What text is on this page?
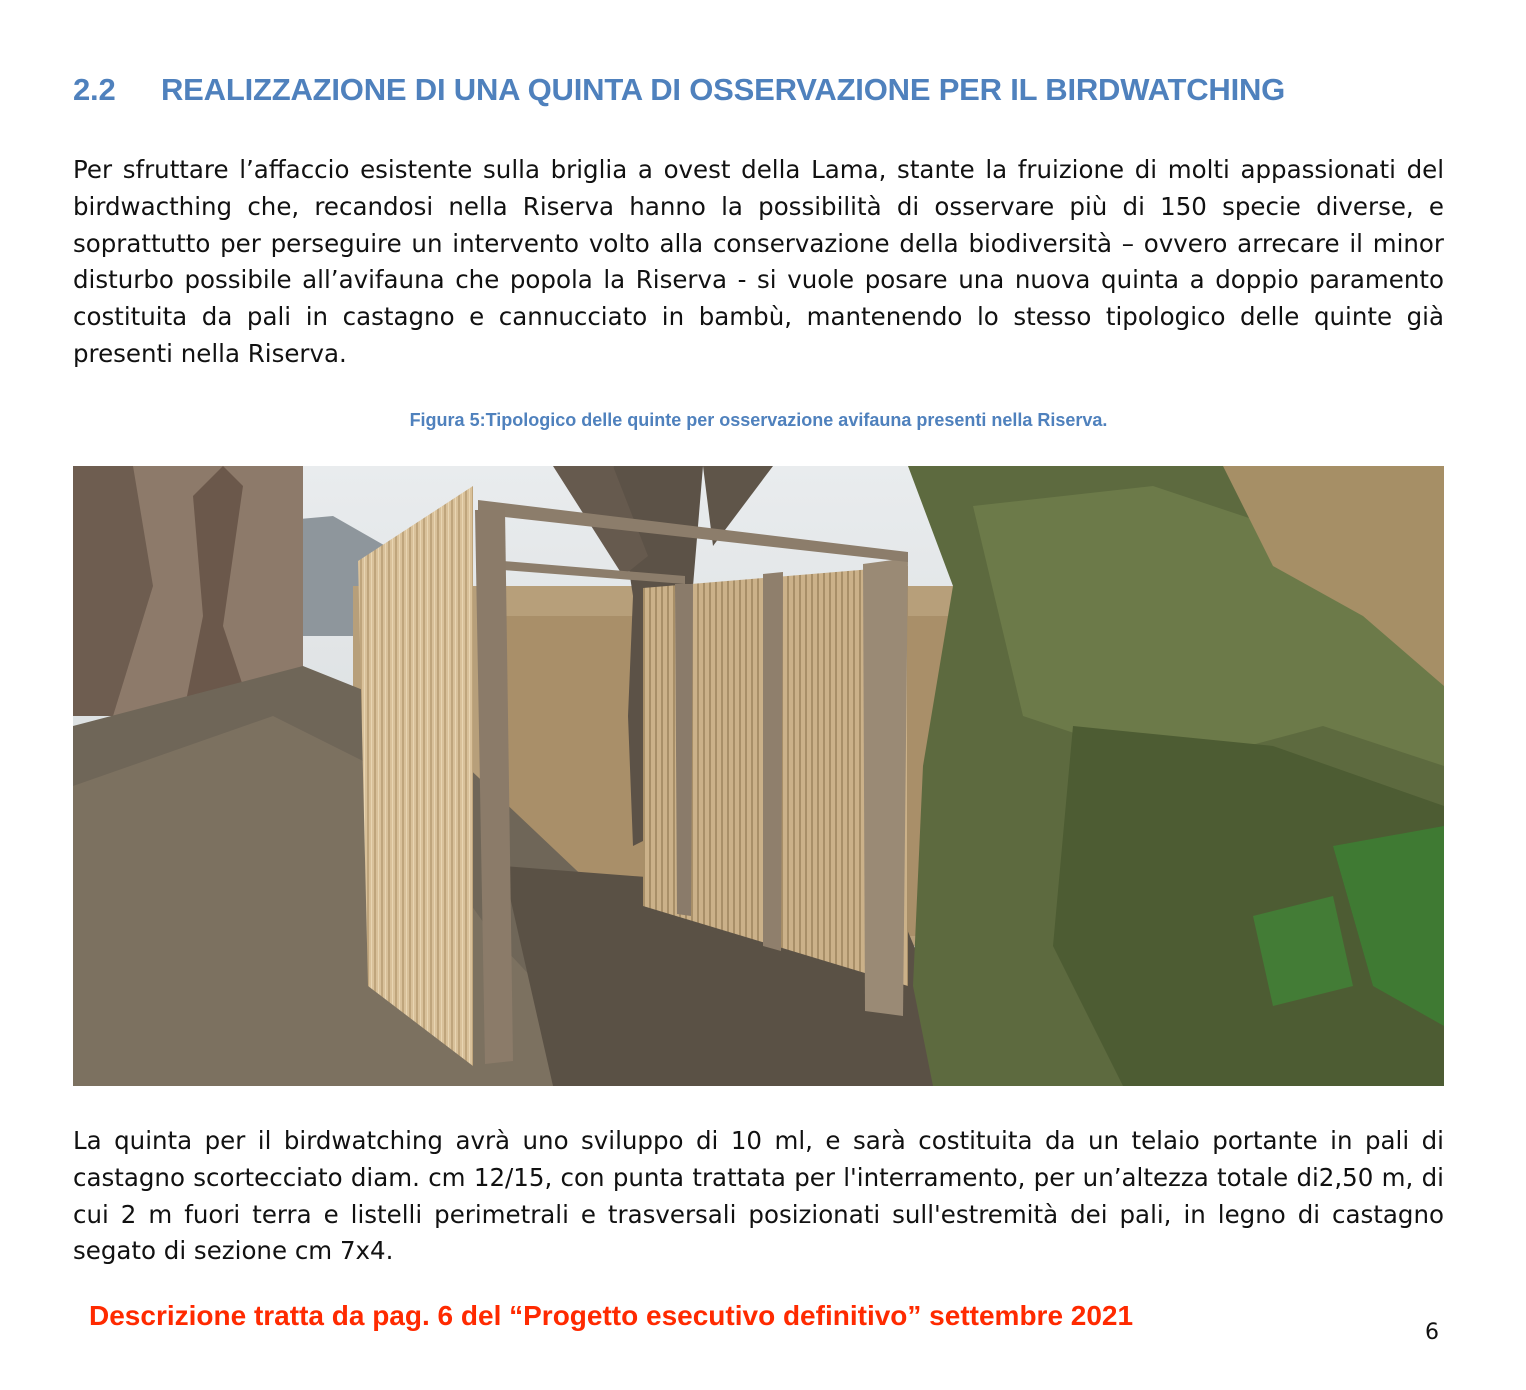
2.2 REALIZZAZIONE DI UNA QUINTA DI OSSERVAZIONE PER IL BIRDWATCHING

Per sfruttare l’affaccio esistente sulla briglia a ovest della Lama, stante la fruizione di molti appassionati del birdwacthing che, recandosi nella Riserva hanno la possibilità di osservare più di 150 specie diverse, e soprattutto per perseguire un intervento volto alla conservazione della biodiversità – ovvero arrecare il minor disturbo possibile all’avifauna che popola la Riserva - si vuole posare una nuova quinta a doppio paramento costituita da pali in castagno e cannucciato in bambù, mantenendo lo stesso tipologico delle quinte già presenti nella Riserva.

Figura 5:Tipologico delle quinte per osservazione avifauna presenti nella Riserva.

La quinta per il birdwatching avrà uno sviluppo di 10 ml, e sarà costituita da un telaio portante in pali di castagno scortecciato diam. cm 12/15, con punta trattata per l'interramento, per un’altezza totale di2,50 m, di cui 2 m fuori terra e listelli perimetrali e trasversali posizionati sull'estremità dei pali, in legno di castagno segato di sezione cm 7x4.

Descrizione tratta da pag. 6 del “Progetto esecutivo definitivo” settembre 2021
6
